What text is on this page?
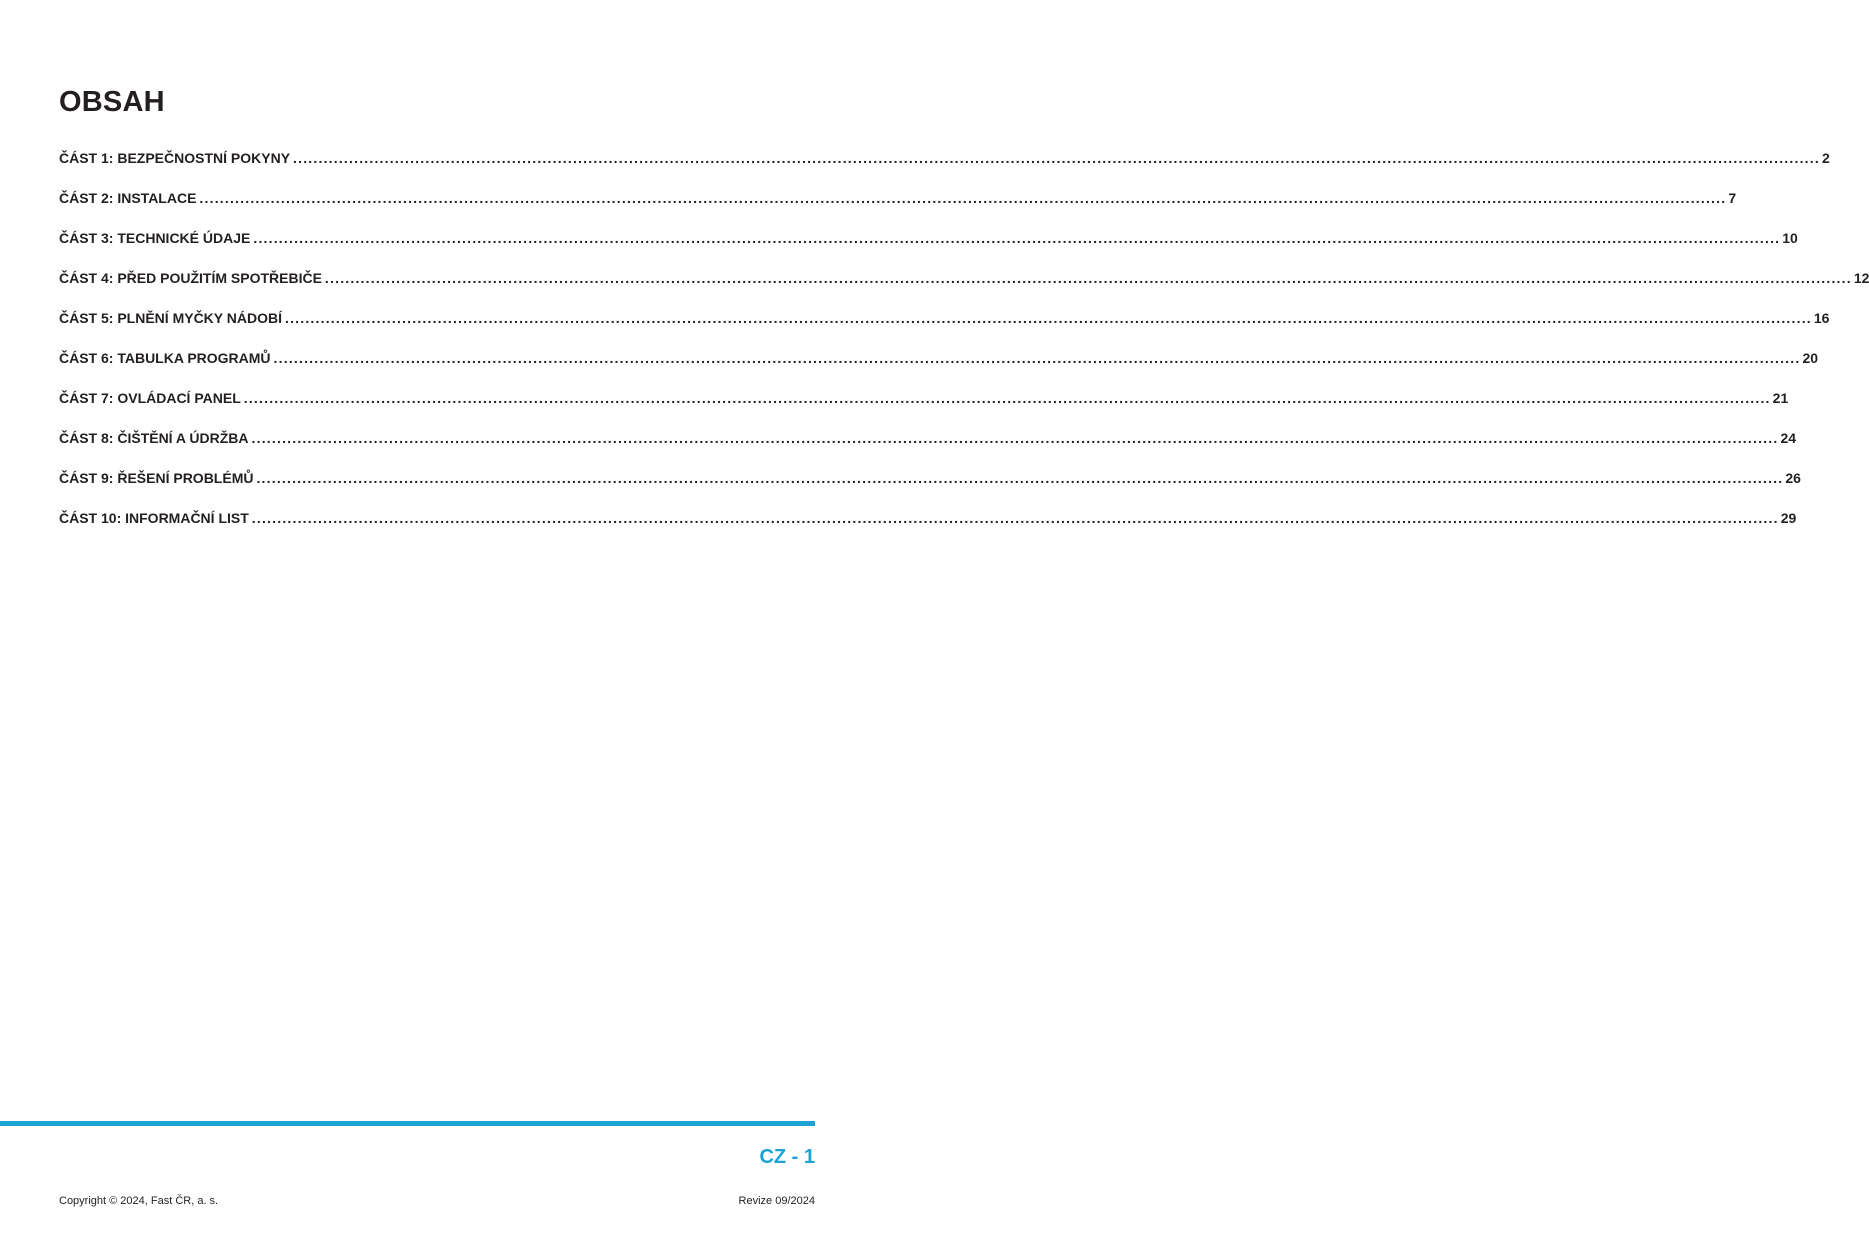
OBSAH
ČÁST 1: BEZPEČNOSTNÍ POKYNY ............................................................................................................................................................................................................................................................................................................ 2
ČÁST 2: INSTALACE ............................................................................................................................................................................................................................................................................................................ 7
ČÁST 3: TECHNICKÉ ÚDAJE ............................................................................................................................................................................................................................................................................................................ 10
ČÁST 4: PŘED POUŽITÍM SPOTŘEBIČE ............................................................................................................................................................................................................................................................................................................ 12
ČÁST 5: PLNĚNÍ MYČKY NÁDOBÍ ............................................................................................................................................................................................................................................................................................................ 16
ČÁST 6: TABULKA PROGRAMŮ ............................................................................................................................................................................................................................................................................................................ 20
ČÁST 7: OVLÁDACÍ PANEL ............................................................................................................................................................................................................................................................................................................ 21
ČÁST 8: ČIŠTĚNÍ A ÚDRŽBA ............................................................................................................................................................................................................................................................................................................ 24
ČÁST 9: ŘEŠENÍ PROBLÉMŮ ............................................................................................................................................................................................................................................................................................................ 26
ČÁST 10: INFORMAČNÍ LIST ............................................................................................................................................................................................................................................................................................................ 29
CZ - 1
Copyright © 2024, Fast ČR, a. s.	Revize 09/2024
